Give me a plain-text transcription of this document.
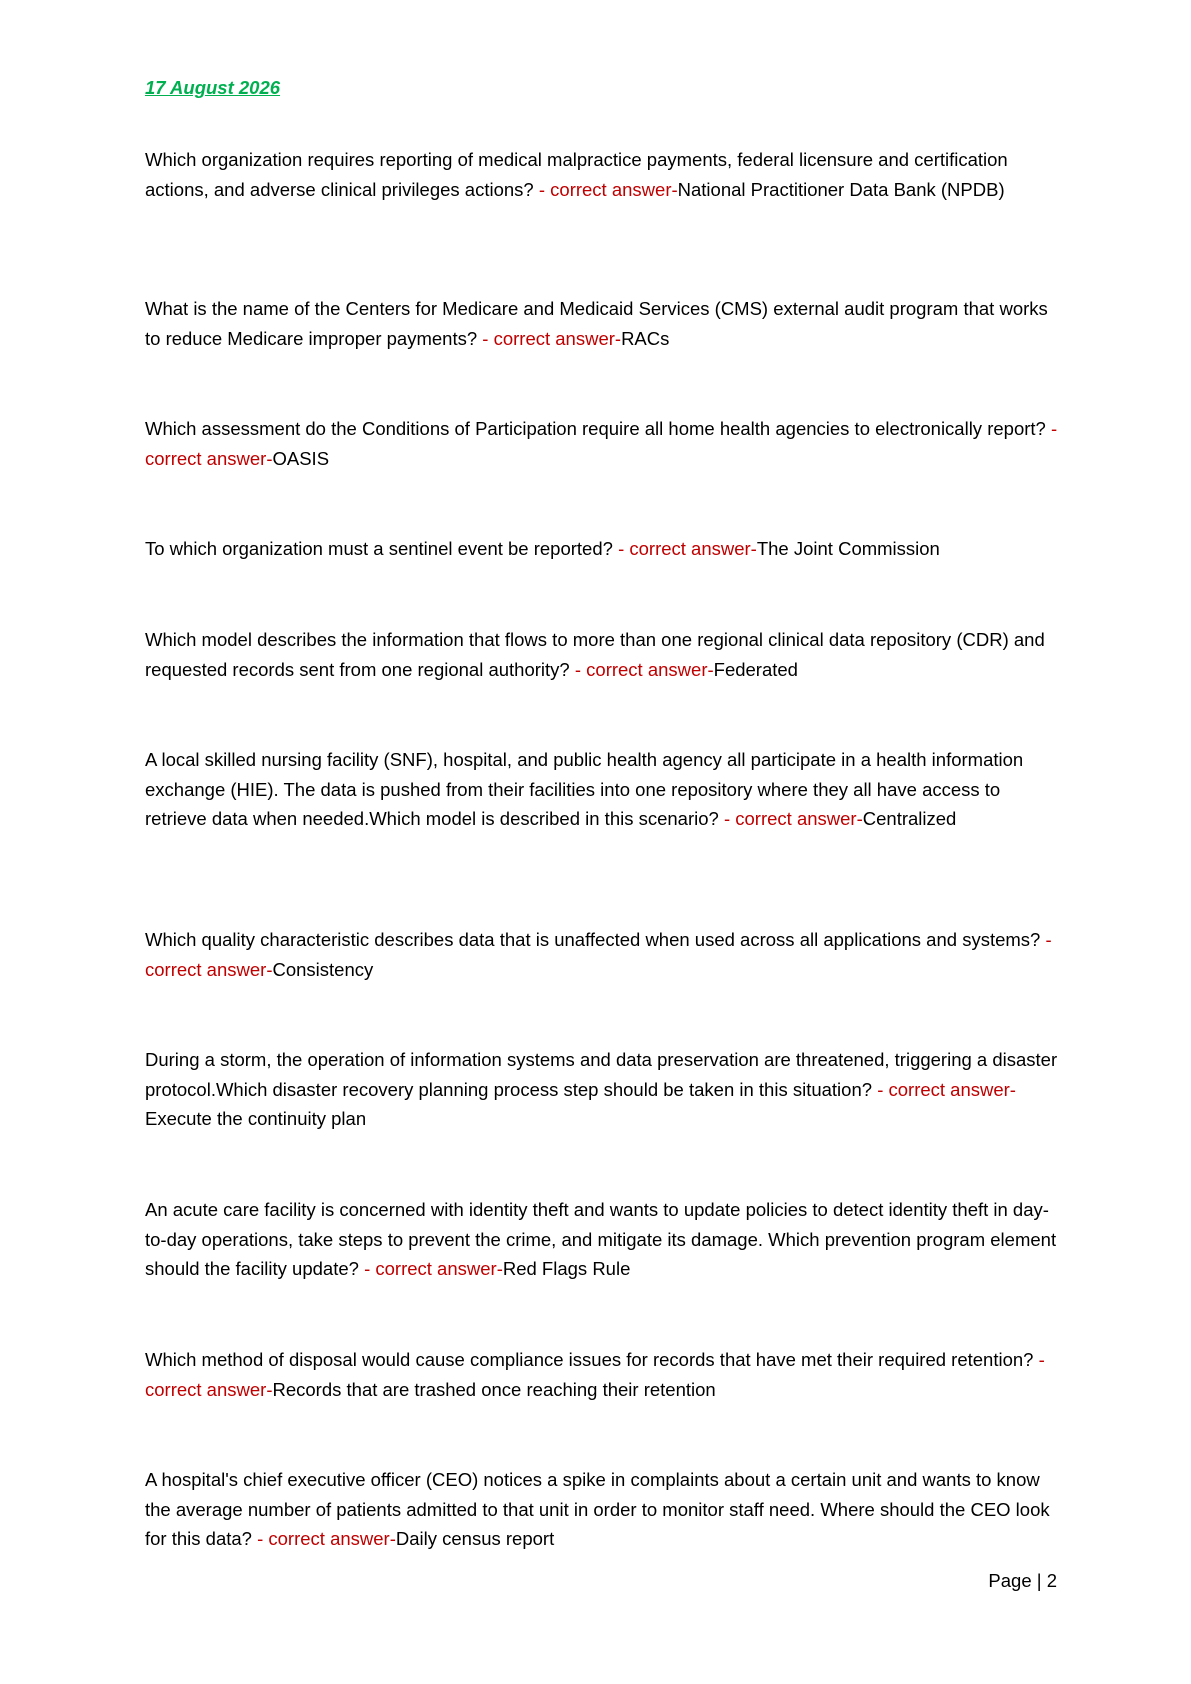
17 August 2026

Which organization requires reporting of medical malpractice payments, federal licensure and certification actions, and adverse clinical privileges actions? - correct answer-National Practitioner Data Bank (NPDB)

What is the name of the Centers for Medicare and Medicaid Services (CMS) external audit program that works to reduce Medicare improper payments? - correct answer-RACs

Which assessment do the Conditions of Participation require all home health agencies to electronically report? - correct answer-OASIS

To which organization must a sentinel event be reported? - correct answer-The Joint Commission

Which model describes the information that flows to more than one regional clinical data repository (CDR) and requested records sent from one regional authority? - correct answer-Federated

A local skilled nursing facility (SNF), hospital, and public health agency all participate in a health information exchange (HIE). The data is pushed from their facilities into one repository where they all have access to retrieve data when needed.Which model is described in this scenario? - correct answer-Centralized

Which quality characteristic describes data that is unaffected when used across all applications and systems? - correct answer-Consistency

During a storm, the operation of information systems and data preservation are threatened, triggering a disaster protocol.Which disaster recovery planning process step should be taken in this situation? - correct answer-Execute the continuity plan

An acute care facility is concerned with identity theft and wants to update policies to detect identity theft in day-to-day operations, take steps to prevent the crime, and mitigate its damage. Which prevention program element should the facility update? - correct answer-Red Flags Rule

Which method of disposal would cause compliance issues for records that have met their required retention? - correct answer-Records that are trashed once reaching their retention

A hospital's chief executive officer (CEO) notices a spike in complaints about a certain unit and wants to know the average number of patients admitted to that unit in order to monitor staff need. Where should the CEO look for this data? - correct answer-Daily census report

Page | 2
